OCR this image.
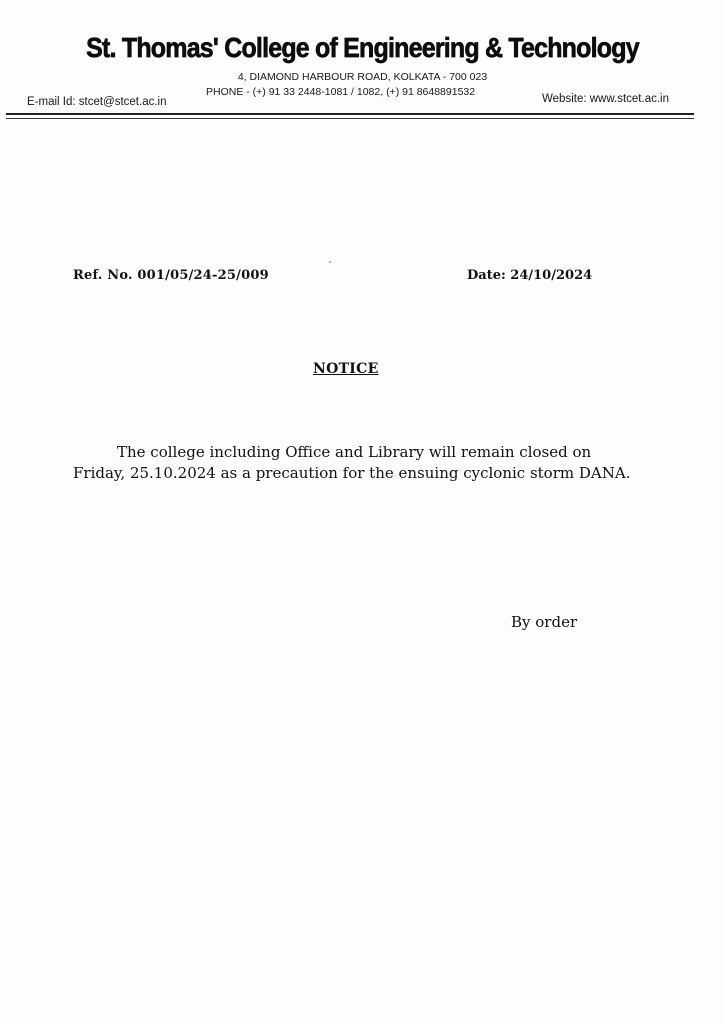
St. Thomas' College of Engineering & Technology
4, DIAMOND HARBOUR ROAD, KOLKATA - 700 023
PHONE - (+) 91 33 2448-1081 / 1082, (+) 91 8648891532
E-mail Id: stcet@stcet.ac.in	Website: www.stcet.ac.in
Ref. No. 001/05/24-25/009	Date: 24/10/2024
NOTICE

The college including Office and Library will remain closed on Friday, 25.10.2024 as a precaution for the ensuing cyclonic storm DANA.

By order
